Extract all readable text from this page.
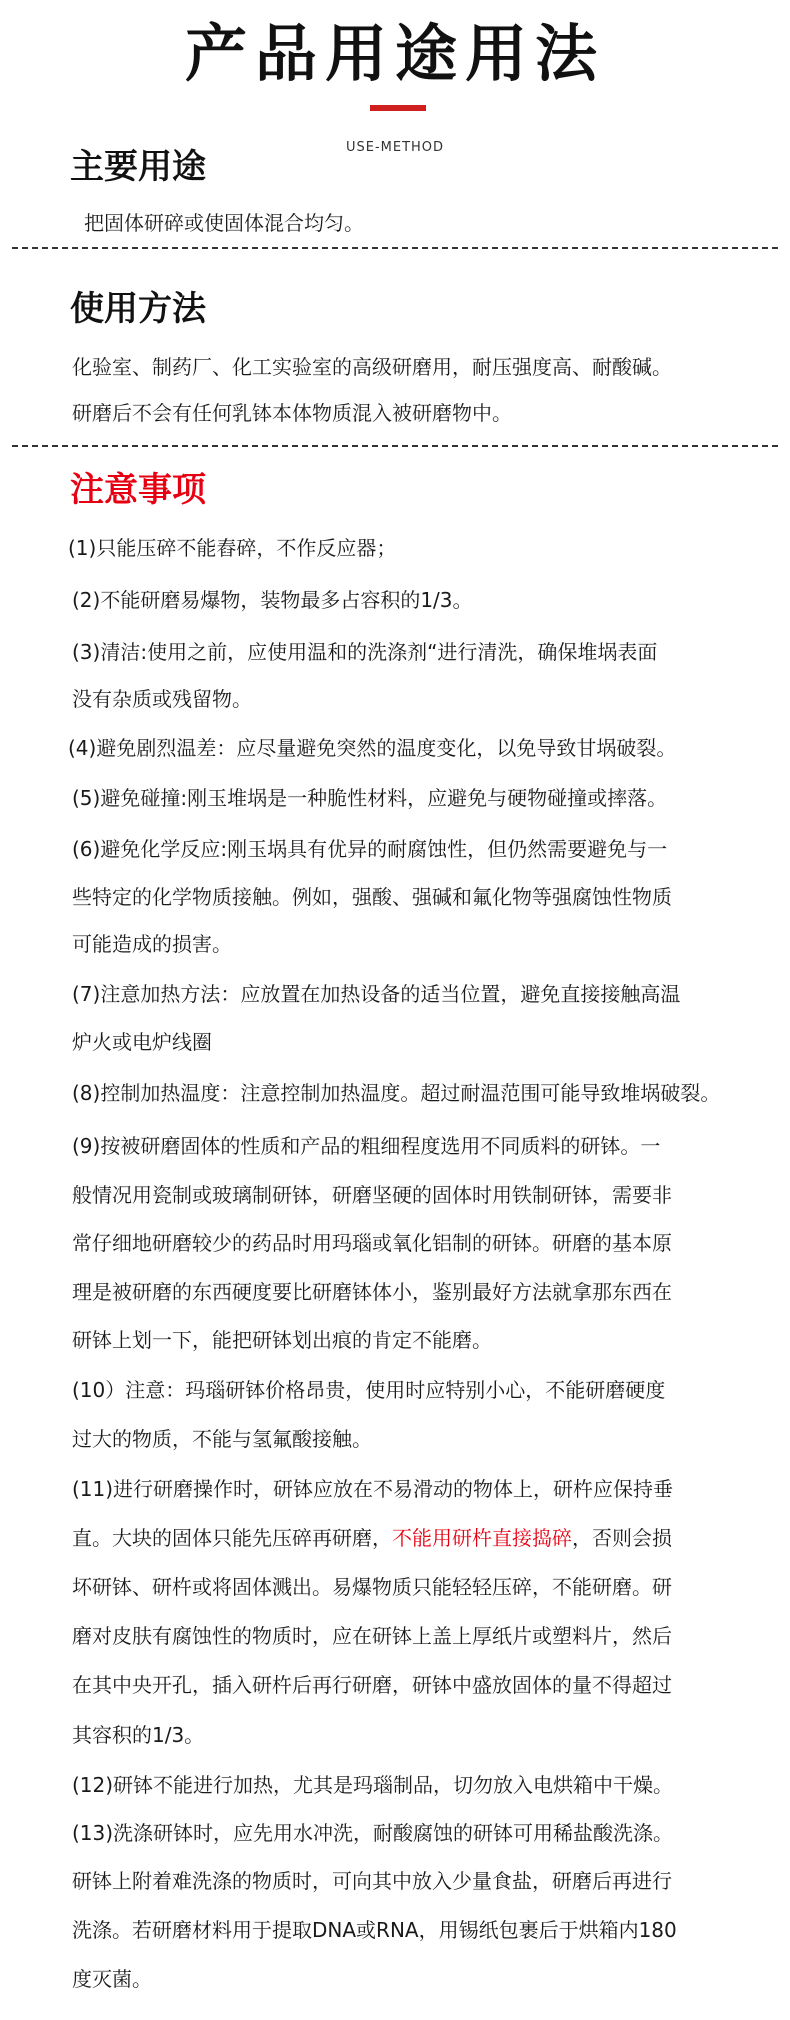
产品用途用法
USE-METHOD
主要用途
把固体研碎或使固体混合均匀。
使用方法
化验室、制药厂、化工实验室的高级研磨用，耐压强度高、耐酸碱。
研磨后不会有任何乳钵本体物质混入被研磨物中。
注意事项
(1)只能压碎不能舂碎，不作反应器；
(2)不能研磨易爆物，装物最多占容积的1/3。
(3)清洁:使用之前，应使用温和的洗涤剂“进行清洗，确保堆埚表面
没有杂质或残留物。
(4)避免剧烈温差：应尽量避免突然的温度变化，以免导致甘埚破裂。
(5)避免碰撞:刚玉堆埚是一种脆性材料，应避免与硬物碰撞或摔落。
(6)避免化学反应:刚玉埚具有优异的耐腐蚀性，但仍然需要避免与一
些特定的化学物质接触。例如，强酸、强碱和氟化物等强腐蚀性物质
可能造成的损害。
(7)注意加热方法：应放置在加热设备的适当位置，避免直接接触高温
炉火或电炉线圈
(8)控制加热温度：注意控制加热温度。超过耐温范围可能导致堆埚破裂。
(9)按被研磨固体的性质和产品的粗细程度选用不同质料的研钵。一
般情况用瓷制或玻璃制研钵，研磨坚硬的固体时用铁制研钵，需要非
常仔细地研磨较少的药品时用玛瑙或氧化铝制的研钵。研磨的基本原
理是被研磨的东西硬度要比研磨钵体小，鉴别最好方法就拿那东西在
研钵上划一下，能把研钵划出痕的肯定不能磨。
(10）注意：玛瑙研钵价格昂贵，使用时应特别小心，不能研磨硬度
过大的物质，不能与氢氟酸接触。
(11)进行研磨操作时，研钵应放在不易滑动的物体上，研杵应保持垂
直。大块的固体只能先压碎再研磨，不能用研杵直接捣碎，否则会损
坏研钵、研杵或将固体溅出。易爆物质只能轻轻压碎，不能研磨。研
磨对皮肤有腐蚀性的物质时，应在研钵上盖上厚纸片或塑料片，然后
在其中央开孔，插入研杵后再行研磨，研钵中盛放固体的量不得超过
其容积的1/3。
(12)研钵不能进行加热，尤其是玛瑙制品，切勿放入电烘箱中干燥。
(13)洗涤研钵时，应先用水冲洗，耐酸腐蚀的研钵可用稀盐酸洗涤。
研钵上附着难洗涤的物质时，可向其中放入少量食盐，研磨后再进行
洗涤。若研磨材料用于提取DNA或RNA，用锡纸包裹后于烘箱内180
度灭菌。
